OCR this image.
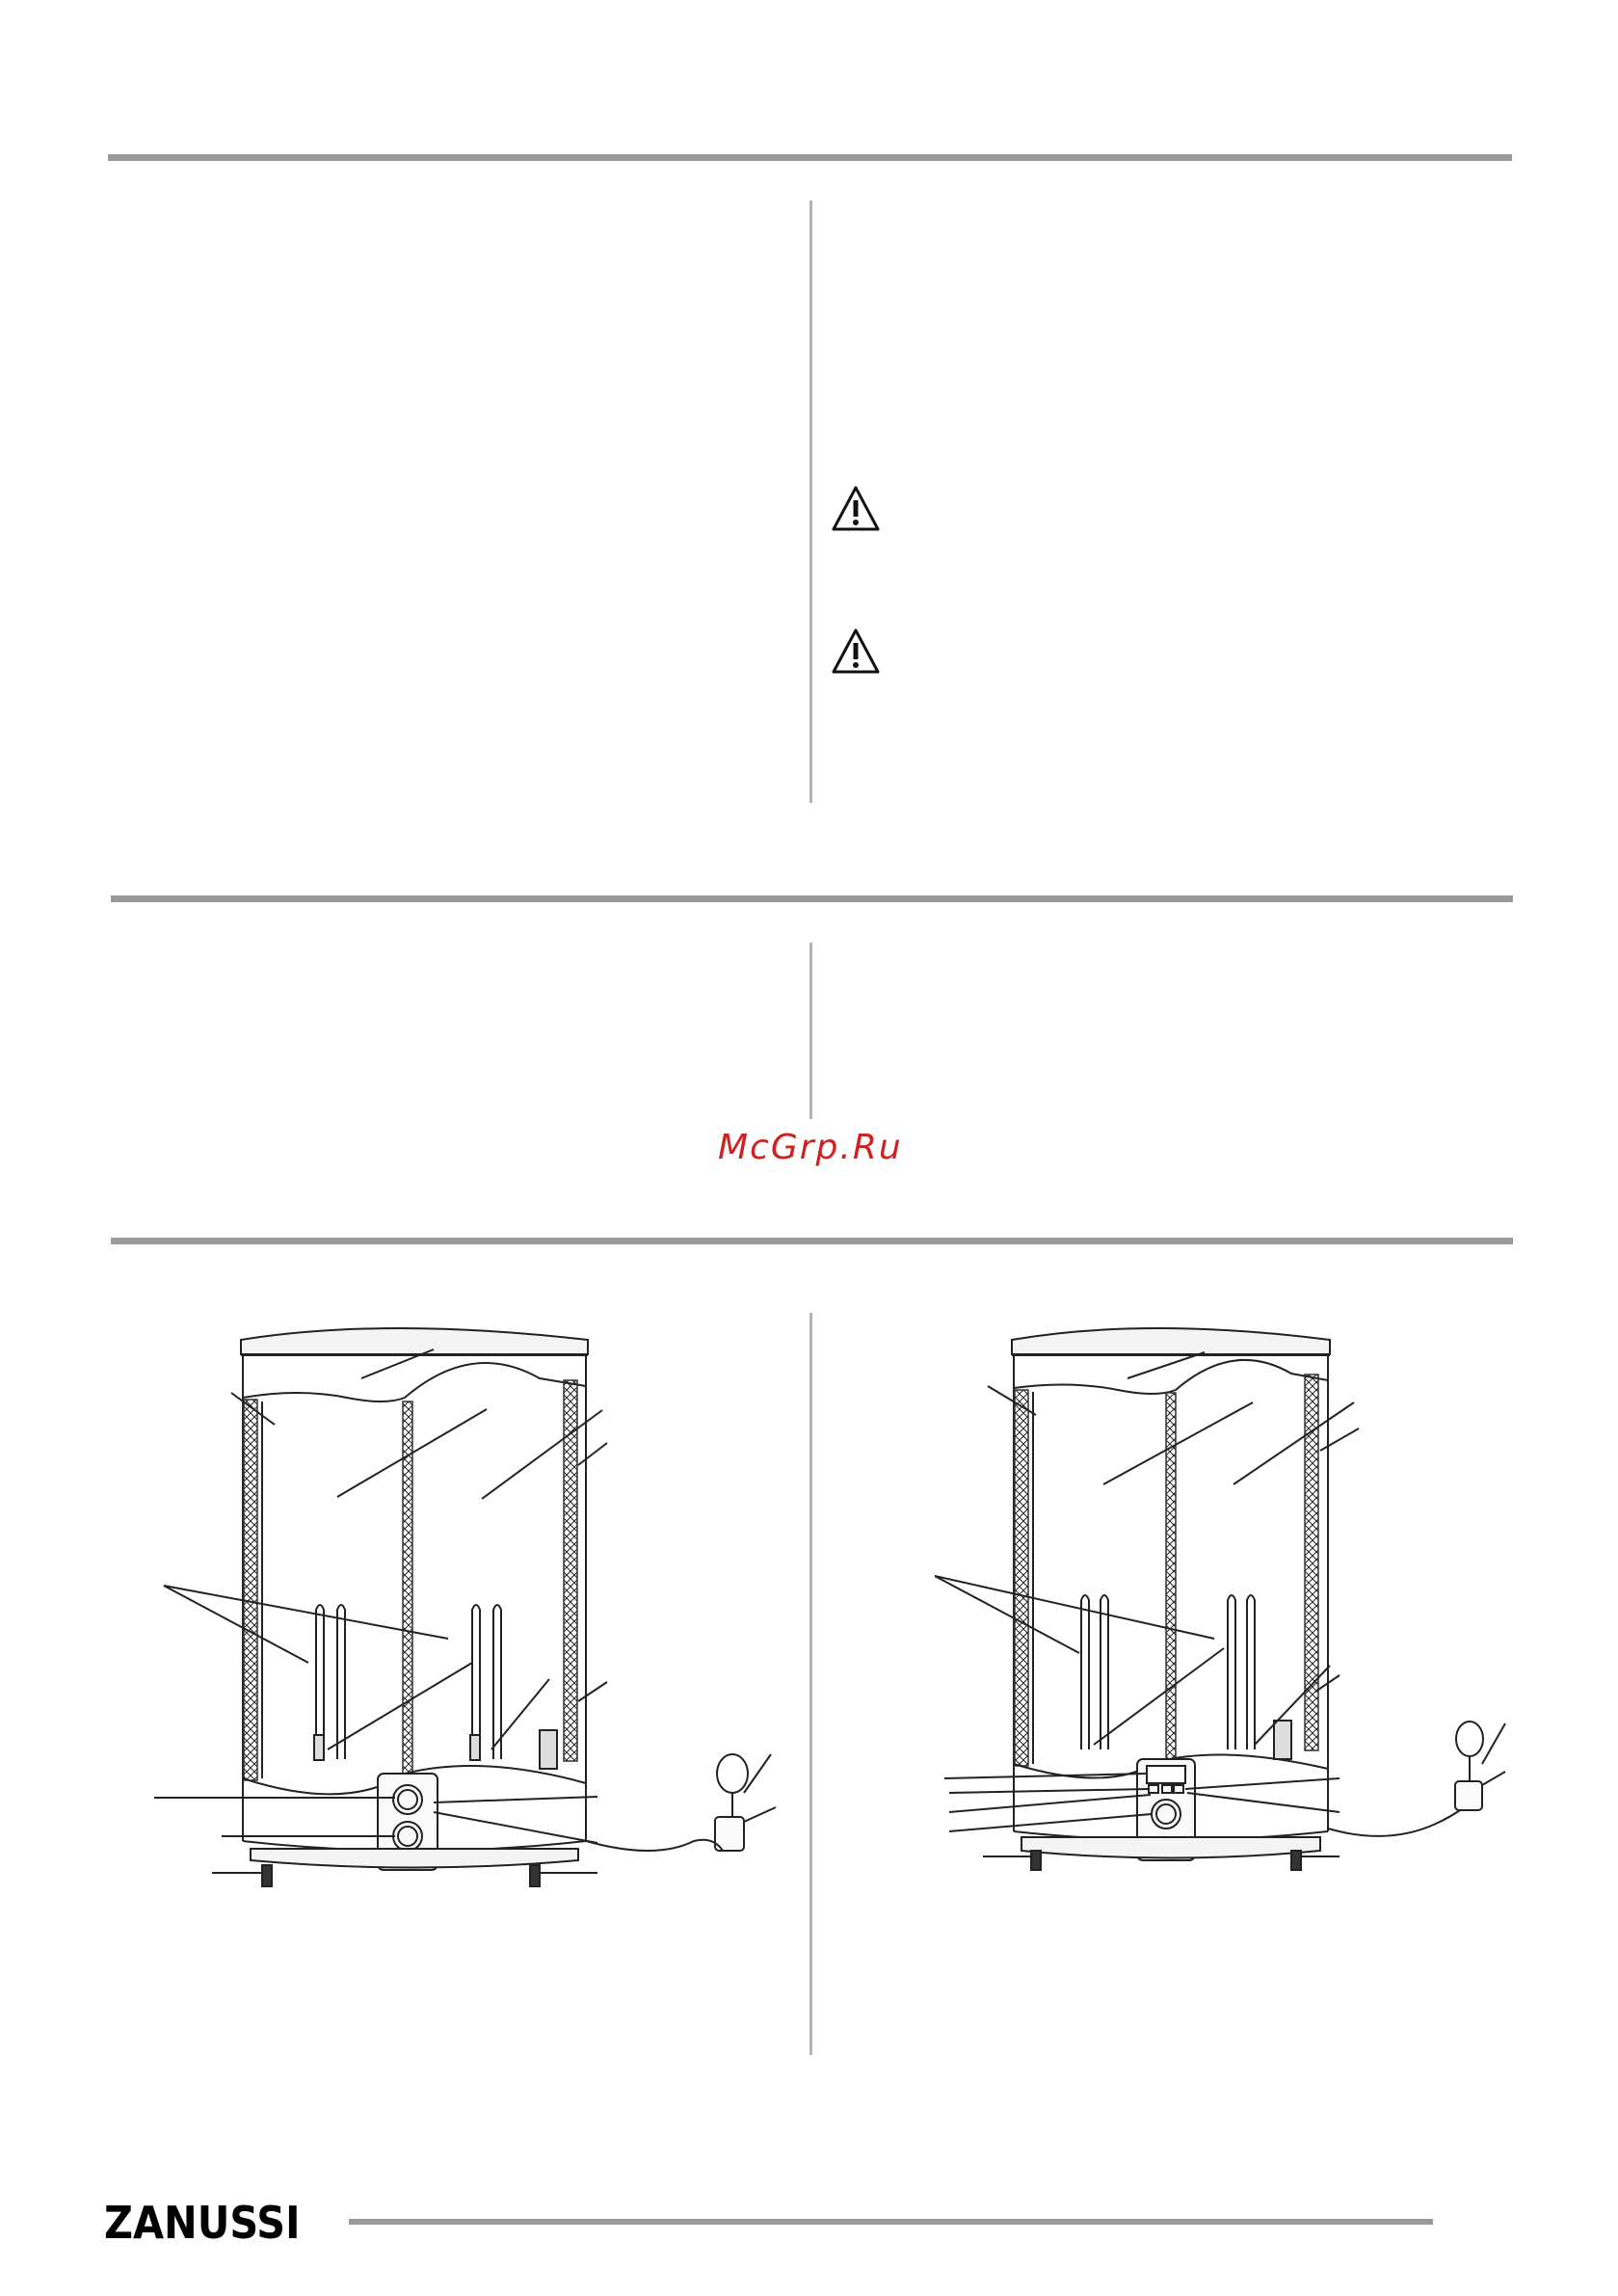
McGrp.Ru
ZANUSSI
